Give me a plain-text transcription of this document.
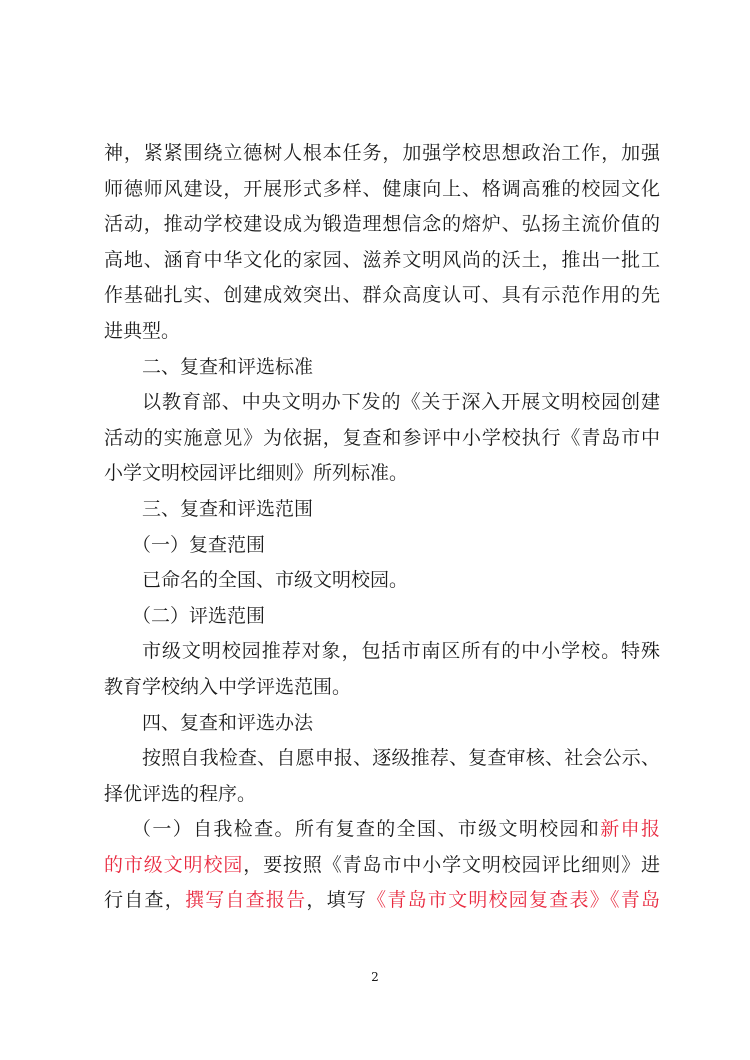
神，紧紧围绕立德树人根本任务，加强学校思想政治工作，加强
师德师风建设，开展形式多样、健康向上、格调高雅的校园文化
活动，推动学校建设成为锻造理想信念的熔炉、弘扬主流价值的
高地、涵育中华文化的家园、滋养文明风尚的沃土，推出一批工
作基础扎实、创建成效突出、群众高度认可、具有示范作用的先
进典型。
二、复查和评选标准
以教育部、中央文明办下发的《关于深入开展文明校园创建
活动的实施意见》为依据，复查和参评中小学校执行《青岛市中
小学文明校园评比细则》所列标准。
三、复查和评选范围
（一）复查范围
已命名的全国、市级文明校园。
（二）评选范围
市级文明校园推荐对象，包括市南区所有的中小学校。特殊
教育学校纳入中学评选范围。
四、复查和评选办法
按照自我检查、自愿申报、逐级推荐、复查审核、社会公示、
择优评选的程序。
（一）自我检查。所有复查的全国、市级文明校园和新申报
的市级文明校园，要按照《青岛市中小学文明校园评比细则》进
行自查，撰写自查报告，填写《青岛市文明校园复查表》《青岛
2
